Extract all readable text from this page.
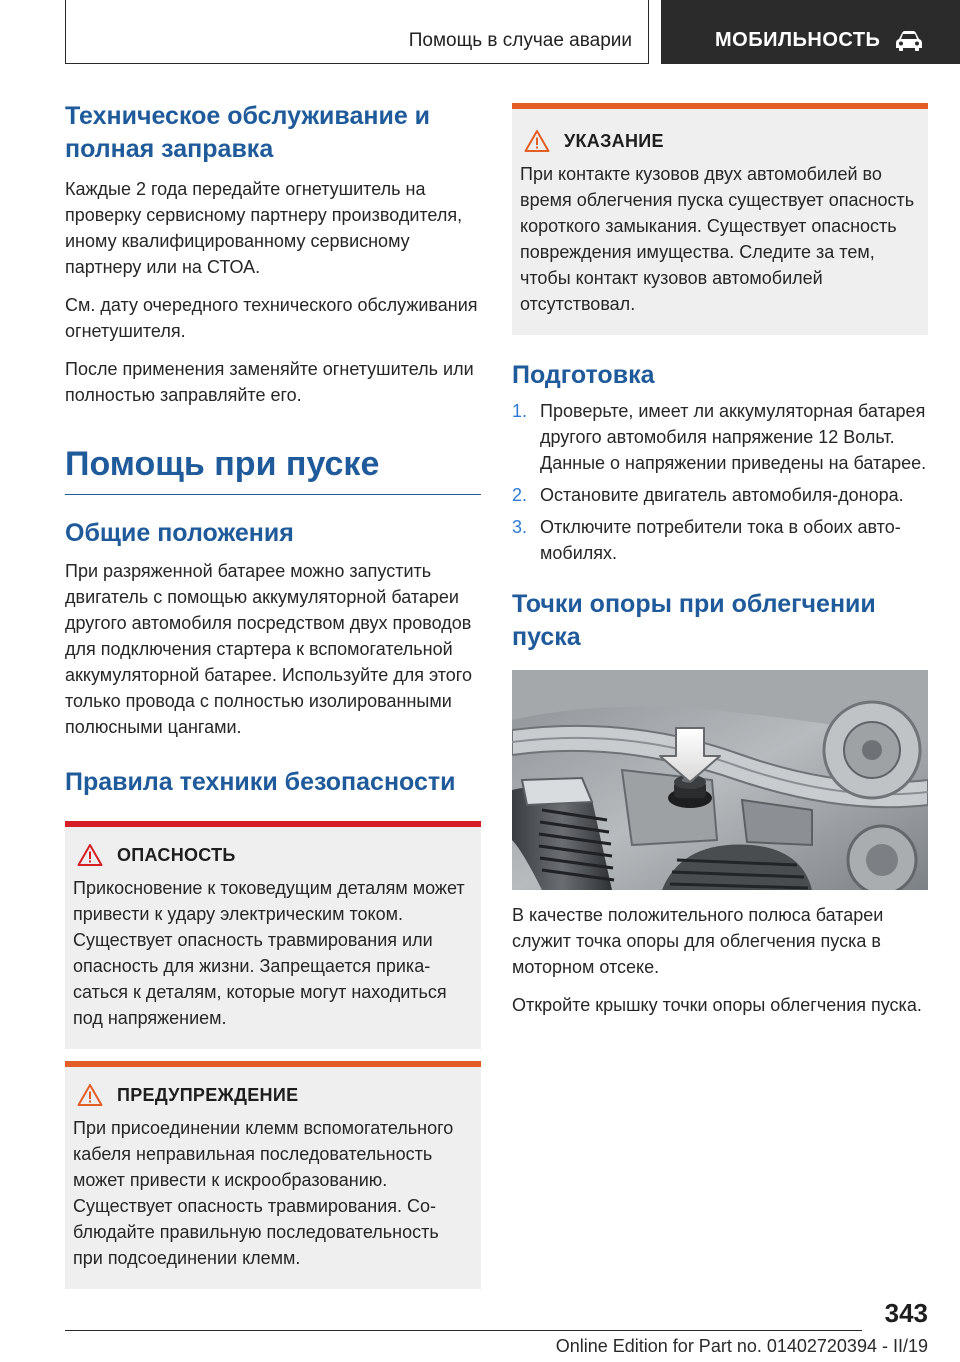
Помощь в случае аварии	МОБИЛЬНОСТЬ
Техническое обслуживание и полная заправка

Каждые 2 года передайте огнетушитель на проверку сервисному партнеру производителя, иному квалифицированному сервисному партнеру или на СТОА.

См. дату очередного технического обслуживания огнетушителя.

После применения заменяйте огнетушитель или полностью заправляйте его.

Помощь при пуске
Общие положения

При разряженной батарее можно запустить двигатель с помощью аккумуляторной батареи другого автомобиля посредством двух проводов для подключения стартера к вспомогательной аккумуляторной батарее. Используйте для этого только провода с полностью изолированными полюсными цангами.

Правила техники безопасности
ОПАСНОСТЬ

Прикосновение к токоведущим деталям может привести к удару электрическим током. Существует опасность травмирования или опасность для жизни. Запрещается прикасаться к деталям, которые могут находиться под напряжением.

ПРЕДУПРЕЖДЕНИЕ

При присоединении клемм вспомогательного кабеля неправильная последовательность может привести к искрообразованию. Существует опасность травмирования. Соблюдайте правильную последовательность при подсоединении клемм.

УКАЗАНИЕ

При контакте кузовов двух автомобилей во время облегчения пуска существует опасность короткого замыкания. Существует опасность повреждения имущества. Следите за тем, чтобы контакт кузовов автомобилей отсутствовал.

Подготовка
1. Проверьте, имеет ли аккумуляторная батарея другого автомобиля напряжение 12 Вольт. Данные о напряжении приведены на батарее.
2. Остановите двигатель автомобиля-донора.
3. Отключите потребители тока в обоих автомобилях.
Точки опоры при облегчении пуска

В качестве положительного полюса батареи служит точка опоры для облегчения пуска в моторном отсеке.

Откройте крышку точки опоры облегчения пуска.

343
Online Edition for Part no. 01402720394 - II/19
